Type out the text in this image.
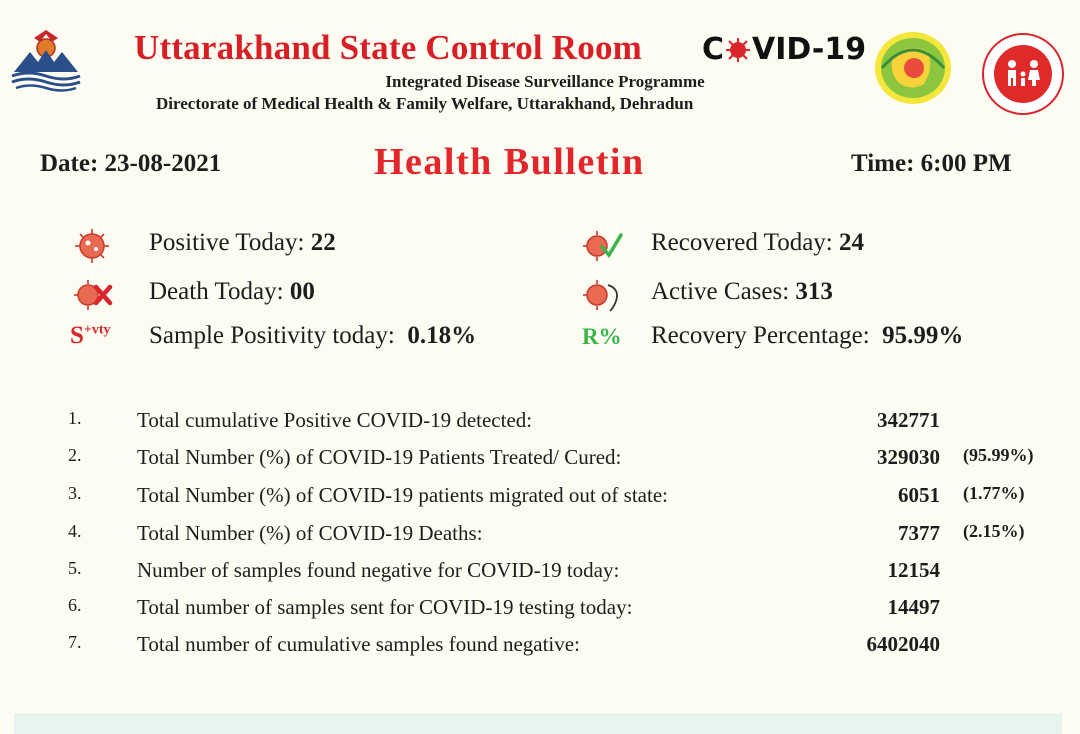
Uttarakhand State Control Room C VID-19
Integrated Disease Surveillance Programme
Directorate of Medical Health & Family Welfare, Uttarakhand, Dehradun	⋯
Date: 23-08-2021	Health Bulletin	Time: 6:00 PM
Positive Today: 22
Death Today: 00
$S^{+vty}$ Sample Positivity today: 0.18%
Recovered Today: 24
Active Cases: 313
R% Recovery Percentage: 95.99%
1.	Total cumulative Positive COVID-19 detected:	342771
2.	Total Number (%) of COVID-19 Patients Treated/ Cured:	329030 (95.99%)
3.	Total Number (%) of COVID-19 patients migrated out of state:	6051 (1.77%)
4.	Total Number (%) of COVID-19 Deaths:	7377 (2.15%)
5.	Number of samples found negative for COVID-19 today:	12154
6.	Total number of samples sent for COVID-19 testing today:	14497
7.	Total number of cumulative samples found negative:	6402040
